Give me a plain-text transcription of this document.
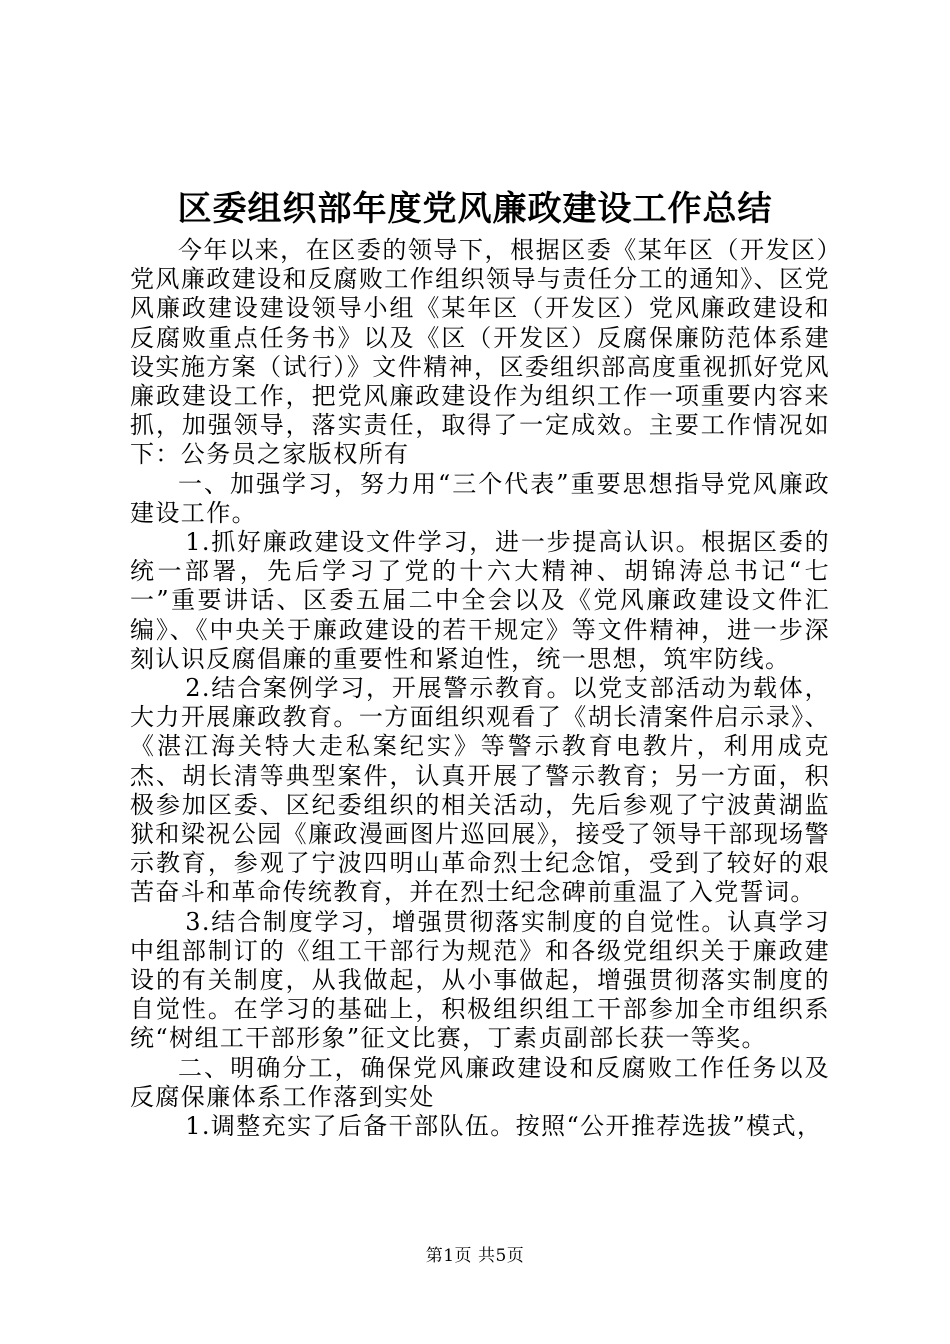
区委组织部年度党风廉政建设工作总结

今年以来，在区委的领导下，根据区委《某年区（开发区）党风廉政建设和反腐败工作组织领导与责任分工的通知》、区党风廉政建设建设领导小组《某年区（开发区）党风廉政建设和反腐败重点任务书》以及《区（开发区）反腐保廉防范体系建设实施方案（试行）》文件精神，区委组织部高度重视抓好党风廉政建设工作，把党风廉政建设作为组织工作一项重要内容来抓，加强领导，落实责任，取得了一定成效。主要工作情况如下：公务员之家版权所有

一、加强学习，努力用“三个代表”重要思想指导党风廉政建设工作。

1.抓好廉政建设文件学习，进一步提高认识。根据区委的统一部署，先后学习了党的十六大精神、胡锦涛总书记“七一”重要讲话、区委五届二中全会以及《党风廉政建设文件汇编》、《中央关于廉政建设的若干规定》等文件精神，进一步深刻认识反腐倡廉的重要性和紧迫性，统一思想，筑牢防线。

2.结合案例学习，开展警示教育。以党支部活动为载体，大力开展廉政教育。一方面组织观看了《胡长清案件启示录》、《湛江海关特大走私案纪实》等警示教育电教片，利用成克杰、胡长清等典型案件，认真开展了警示教育；另一方面，积极参加区委、区纪委组织的相关活动，先后参观了宁波黄湖监狱和梁祝公园《廉政漫画图片巡回展》，接受了领导干部现场警示教育，参观了宁波四明山革命烈士纪念馆，受到了较好的艰苦奋斗和革命传统教育，并在烈士纪念碑前重温了入党誓词。

3.结合制度学习，增强贯彻落实制度的自觉性。认真学习中组部制订的《组工干部行为规范》和各级党组织关于廉政建设的有关制度，从我做起，从小事做起，增强贯彻落实制度的自觉性。在学习的基础上，积极组织组工干部参加全市组织系统“树组工干部形象”征文比赛，丁素贞副部长获一等奖。

二、明确分工，确保党风廉政建设和反腐败工作任务以及反腐保廉体系工作落到实处

1.调整充实了后备干部队伍。按照“公开推荐选拔”模式，

第1页 共5页
